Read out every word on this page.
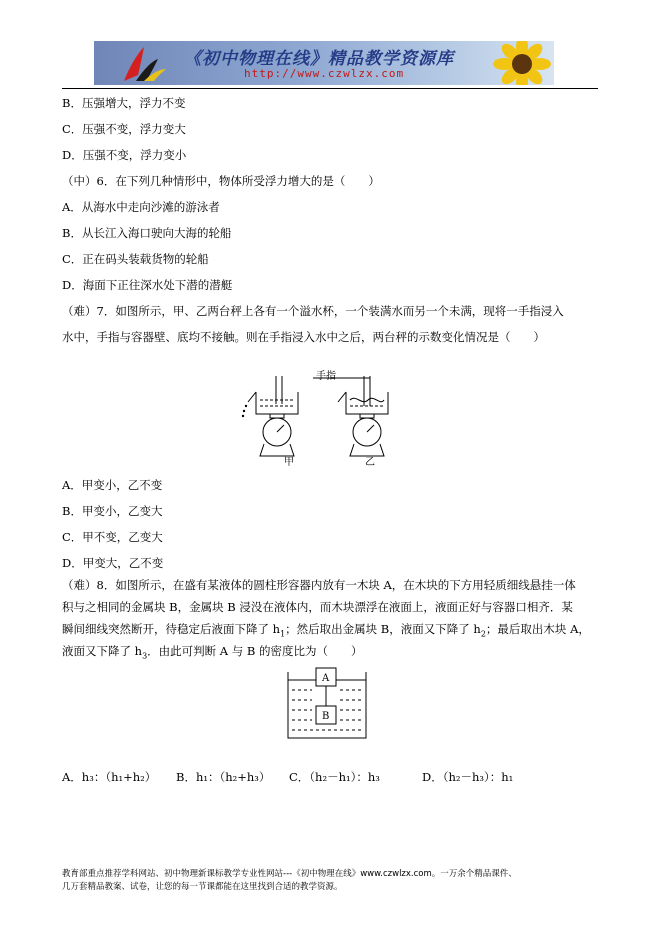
《初中物理在线》精品教学资源库
http://www.czwlzx.com
B．压强增大，浮力不变
C．压强不变，浮力变大
D．压强不变，浮力变小
（中）6．在下列几种情形中，物体所受浮力增大的是（　　）
A．从海水中走向沙滩的游泳者
B．从长江入海口驶向大海的轮船
C．正在码头装载货物的轮船
D．海面下正往深水处下潜的潜艇
（难）7．如图所示，甲、乙两台秤上各有一个溢水杯，一个装满水而另一个未满，现将一手指浸入
水中，手指与容器壁、底均不接触。则在手指浸入水中之后，两台秤的示数变化情况是（　　）
手指
甲	乙
A．甲变小，乙不变
B．甲变小，乙变大
C．甲不变，乙变大
D．甲变大，乙不变
（难）8．如图所示，在盛有某液体的圆柱形容器内放有一木块 A，在木块的下方用轻质细线悬挂一体
积与之相同的金属块 B，金属块 B 浸没在液体内，而木块漂浮在液面上，液面正好与容器口相齐．某
瞬间细线突然断开，待稳定后液面下降了 $h_1$；然后取出金属块 B，液面又下降了 $h_2$；最后取出木块 A，
液面又下降了 $h_3$．由此可判断 A 与 B 的密度比为（　　）
A
B
A．h₃：（h₁+h₂） B．h₁：（h₂+h₃） C．（h₂－h₁）：h₃	D．（h₂－h₃）：h₁
教育部重点推荐学科网站、初中物理新课标教学专业性网站---《初中物理在线》www.czwlzx.com。一万余个精品课件、
几万套精品教案、试卷，让您的每一节课都能在这里找到合适的教学资源。
